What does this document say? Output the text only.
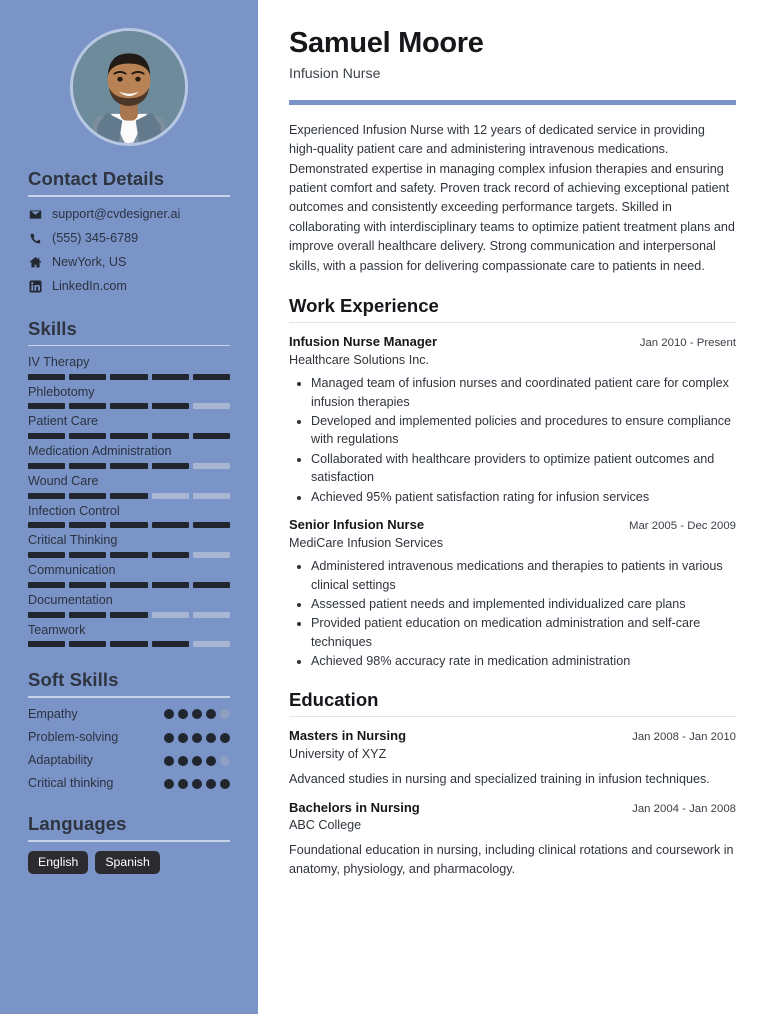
Contact Details
support@cvdesigner.ai
(555) 345-6789
NewYork, US
LinkedIn.com
Skills
IV Therapy
Phlebotomy
Patient Care
Medication Administration
Wound Care
Infection Control
Critical Thinking
Communication
Documentation
Teamwork
Soft Skills
Empathy
Problem-solving
Adaptability
Critical thinking
Languages
English	Spanish
Samuel Moore
Infusion Nurse

Experienced Infusion Nurse with 12 years of dedicated service in providing high-quality patient care and administering intravenous medications. Demonstrated expertise in managing complex infusion therapies and ensuring patient comfort and safety. Proven track record of achieving exceptional patient outcomes and consistently exceeding performance targets. Skilled in collaborating with interdisciplinary teams to optimize patient treatment plans and improve overall healthcare delivery. Strong communication and interpersonal skills, with a passion for delivering compassionate care to patients in need.

Work Experience
Infusion Nurse Manager	Jan 2010 - Present
Healthcare Solutions Inc.
• Managed team of infusion nurses and coordinated patient care for complex infusion therapies
• Developed and implemented policies and procedures to ensure compliance with regulations
• Collaborated with healthcare providers to optimize patient outcomes and satisfaction
• Achieved 95% patient satisfaction rating for infusion services
Senior Infusion Nurse	Mar 2005 - Dec 2009
MediCare Infusion Services
• Administered intravenous medications and therapies to patients in various clinical settings
• Assessed patient needs and implemented individualized care plans
• Provided patient education on medication administration and self-care techniques
• Achieved 98% accuracy rate in medication administration
Education
Masters in Nursing	Jan 2008 - Jan 2010
University of XYZ
Advanced studies in nursing and specialized training in infusion techniques.
Bachelors in Nursing	Jan 2004 - Jan 2008
ABC College
Foundational education in nursing, including clinical rotations and coursework in anatomy, physiology, and pharmacology.
